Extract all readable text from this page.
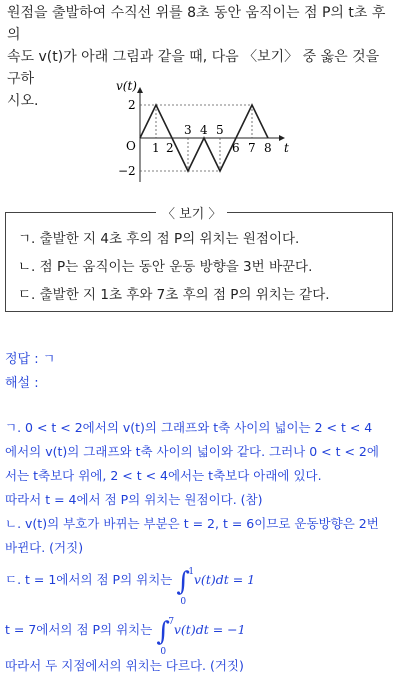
원점을 출발하여 수직선 위를 8초 동안 움직이는 점 P의 t초 후의
속도 v(t)가 아래 그림과 같을 때, 다음 〈보기〉 중 옳은 것을 구하
시오.
v(t)
t
O
2
−2
3 4 5
1 2	6 7 8
〈 보기 〉
ㄱ. 출발한 지 4초 후의 점 P의 위치는 원점이다.
ㄴ. 점 P는 움직이는 동안 운동 방향을 3번 바꾼다.
ㄷ. 출발한 지 1초 후와 7초 후의 점 P의 위치는 같다.
정답 : ㄱ
해설 :
ㄱ. 0 < t < 2에서의 v(t)의 그래프와 t축 사이의 넓이는 2 < t < 4
에서의 v(t)의 그래프와 t축 사이의 넓이와 같다. 그러나 0 < t < 2에
서는 t축보다 위에, 2 < t < 4에서는 t축보다 아래에 있다.
따라서 t = 4에서 점 P의 위치는 원점이다. (참)
ㄴ. v(t)의 부호가 바뀌는 부분은 t = 2, t = 6이므로 운동방향은 2번
바뀐다. (거짓)
ㄷ. t = 1에서의 점 P의 위치는 ∫
1
0
v(t)dt = 1
t = 7에서의 점 P의 위치는 ∫
7
0
v(t)dt = −1
따라서 두 지점에서의 위치는 다르다. (거짓)
